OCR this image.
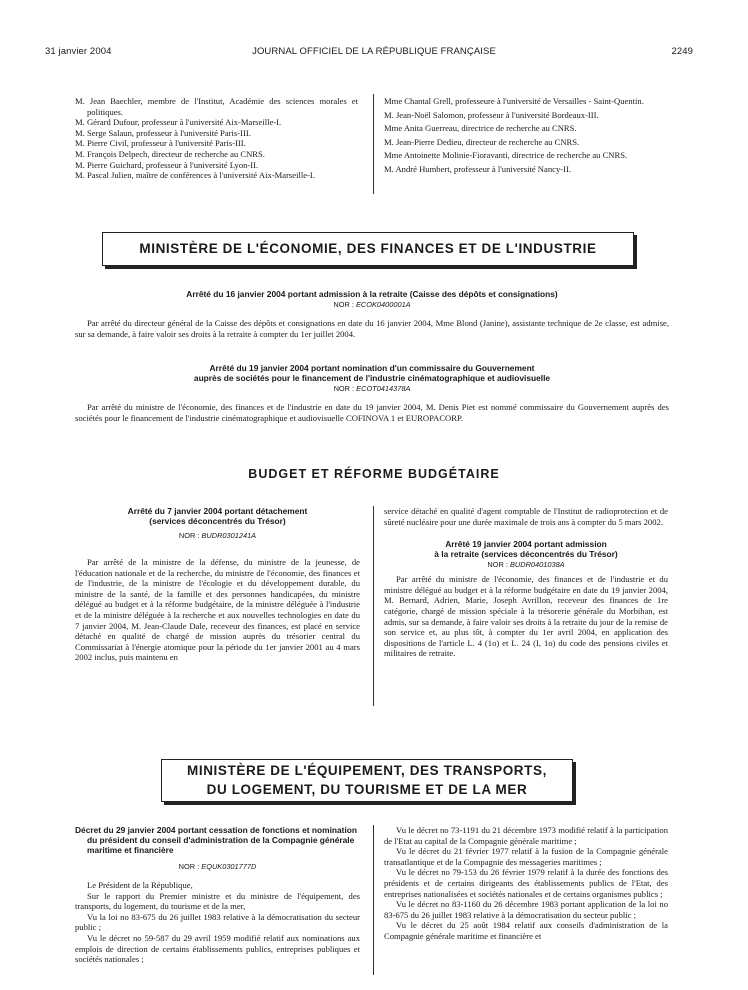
JOURNAL OFFICIEL DE LA RÉPUBLIQUE FRANÇAISE
31 janvier 2004	2249

M. Jean Baechler, membre de l'Institut, Académie des sciences morales et politiques.

M. Gérard Dufour, professeur à l'université Aix-Marseille-I.

M. Serge Salaun, professeur à l'université Paris-III.

M. Pierre Civil, professeur à l'université Paris-III.

M. François Delpech, directeur de recherche au CNRS.

M. Pierre Guichard, professeur à l'université Lyon-II.

M. Pascal Julien, maître de conférences à l'université Aix-Marseille-I.

Mme Chantal Grell, professeure à l'université de Versailles - Saint-Quentin.

M. Jean-Noël Salomon, professeur à l'université Bordeaux-III.

Mme Anita Guerreau, directrice de recherche au CNRS.

M. Jean-Pierre Dedieu, directeur de recherche au CNRS.

Mme Antoinette Molinie-Fioravanti, directrice de recherche au CNRS.

M. André Humbert, professeur à l'université Nancy-II.

MINISTÈRE DE L'ÉCONOMIE, DES FINANCES ET DE L'INDUSTRIE
Arrêté du 16 janvier 2004 portant admission à la retraite (Caisse des dépôts et consignations)
NOR : ECOK0400001A

Par arrêté du directeur général de la Caisse des dépôts et consignations en date du 16 janvier 2004, Mme Blond (Janine), assistante technique de 2e classe, est admise, sur sa demande, à faire valoir ses droits à la retraite à compter du 1er juillet 2004.

Arrêté du 19 janvier 2004 portant nomination d'un commissaire du Gouvernement
auprès de sociétés pour le financement de l'industrie cinématographique et audiovisuelle
NOR : ECOT0414378A

Par arrêté du ministre de l'économie, des finances et de l'industrie en date du 19 janvier 2004, M. Denis Piet est nommé commissaire du Gouvernement auprès des sociétés pour le financement de l'industrie cinématographique et audiovisuelle COFINOVA 1 et EUROPACORP.

BUDGET ET RÉFORME BUDGÉTAIRE
Arrêté du 7 janvier 2004 portant détachement
(services déconcentrés du Trésor)
NOR : BUDR0301241A

Par arrêté de la ministre de la défense, du ministre de la jeunesse, de l'éducation nationale et de la recherche, du ministre de l'économie, des finances et de l'industrie, de la ministre de l'écologie et du développement durable, du ministre de la santé, de la famille et des personnes handicapées, du ministre délégué au budget et à la réforme budgétaire, de la ministre déléguée à l'industrie et de la ministre déléguée à la recherche et aux nouvelles technologies en date du 7 janvier 2004, M. Jean-Claude Dale, receveur des finances, est placé en service détaché en qualité de chargé de mission auprès du trésorier central du Commissariat à l'énergie atomique pour la période du 1er janvier 2001 au 4 mars 2002 inclus, puis maintenu en

service détaché en qualité d'agent comptable de l'Institut de radioprotection et de sûreté nucléaire pour une durée maximale de trois ans à compter du 5 mars 2002.

Arrêté 19 janvier 2004 portant admission
à la retraite (services déconcentrés du Trésor)
NOR : BUDR0401038A

Par arrêté du ministre de l'économie, des finances et de l'industrie et du ministre délégué au budget et à la réforme budgétaire en date du 19 janvier 2004, M. Bernard, Adrien, Marie, Joseph Avrillon, receveur des finances de 1re catégorie, chargé de mission spéciale à la trésorerie générale du Morbihan, est admis, sur sa demande, à faire valoir ses droits à la retraite du jour de la remise de son service et, au plus tôt, à compter du 1er avril 2004, en application des dispositions de l'article L. 4 (1o) et L. 24 (I, 1o) du code des pensions civiles et militaires de retraite.

MINISTÈRE DE L'ÉQUIPEMENT, DES TRANSPORTS,
DU LOGEMENT, DU TOURISME ET DE LA MER
Décret du 29 janvier 2004 portant cessation de fonctions et nomination du président du conseil d'administration de la Compagnie générale maritime et financière
NOR : EQUK0301777D

Le Président de la République,

Sur le rapport du Premier ministre et du ministre de l'équipement, des transports, du logement, du tourisme et de la mer,

Vu la loi no 83-675 du 26 juillet 1983 relative à la démocratisation du secteur public ;

Vu le décret no 59-587 du 29 avril 1959 modifié relatif aux nominations aux emplois de direction de certains établissements publics, entreprises publiques et sociétés nationales ;

Vu le décret no 73-1191 du 21 décembre 1973 modifié relatif à la participation de l'Etat au capital de la Compagnie générale maritime ;

Vu le décret du 21 février 1977 relatif à la fusion de la Compagnie générale transatlantique et de la Compagnie des messageries maritimes ;

Vu le décret no 79-153 du 26 février 1979 relatif à la durée des fonctions des présidents et de certains dirigeants des établissements publics de l'Etat, des entreprises nationalisées et sociétés nationales et de certains organismes publics ;

Vu le décret no 83-1160 du 26 décembre 1983 portant application de la loi no 83-675 du 26 juillet 1983 relative à la démocratisation du secteur public ;

Vu le décret du 25 août 1984 relatif aux conseils d'administration de la Compagnie générale maritime et financière et
